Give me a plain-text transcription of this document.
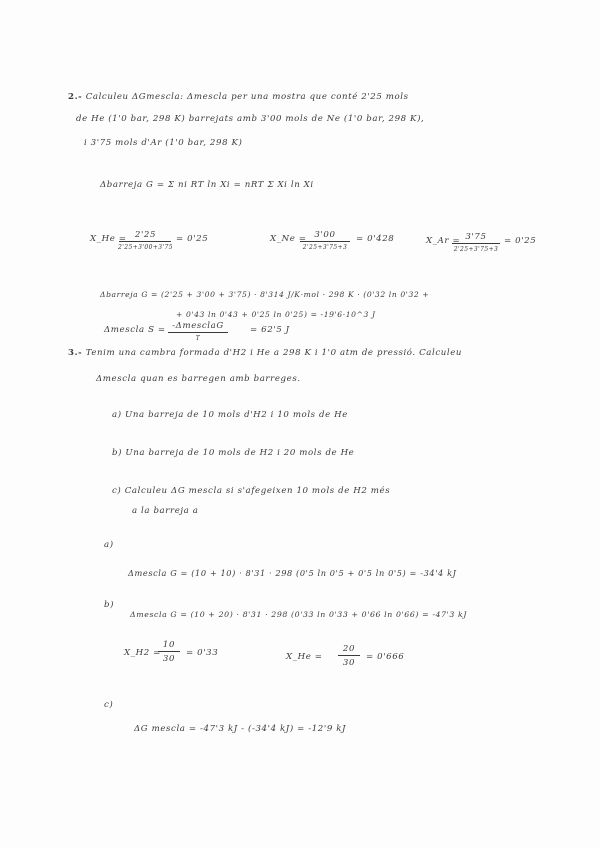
2.- Calculeu ΔGmescla: Δmescla per una mostra que conté 2'25 mols
de He (1'0 bar, 298 K) barrejats amb 3'00 mols de Ne (1'0 bar, 298 K),
i 3'75 mols d'Ar (1'0 bar, 298 K)
Δbarreja G = Σ ni RT ln Xi = nRT Σ Xi ln Xi
X_He = 2'25
2'25+3'00+3'75
= 0'25	X_Ne = 3'00
2'25+3'75+3
= 0'428	X_Ar = 3'75
2'25+3'75+3
= 0'25
Δbarreja G = (2'25 + 3'00 + 3'75) · 8'314 J/K·mol · 298 K · (0'32 ln 0'32 +
+ 0'43 ln 0'43 + 0'25 ln 0'25) = -19'6·10^3 J
Δmescla S = -ΔmesclaG
T
= 62'5 J
3.- Tenim una cambra formada d'H2 i He a 298 K i 1'0 atm de pressió. Calculeu
Δmescla quan es barregen amb barreges.
a) Una barreja de 10 mols d'H2 i 10 mols de He
b) Una barreja de 10 mols de H2 i 20 mols de He
c) Calculeu ΔG mescla si s'afegeixen 10 mols de H2 més
a la barreja a
a)
Δmescla G = (10 + 10) · 8'31 · 298 (0'5 ln 0'5 + 0'5 ln 0'5) = -34'4 kJ
b)
Δmescla G = (10 + 20) · 8'31 · 298 (0'33 ln 0'33 + 0'66 ln 0'66) = -47'3 kJ
X_H2 =
10
30
= 0'33	X_He =
20
30
= 0'666
c)
ΔG mescla = -47'3 kJ - (-34'4 kJ) = -12'9 kJ
